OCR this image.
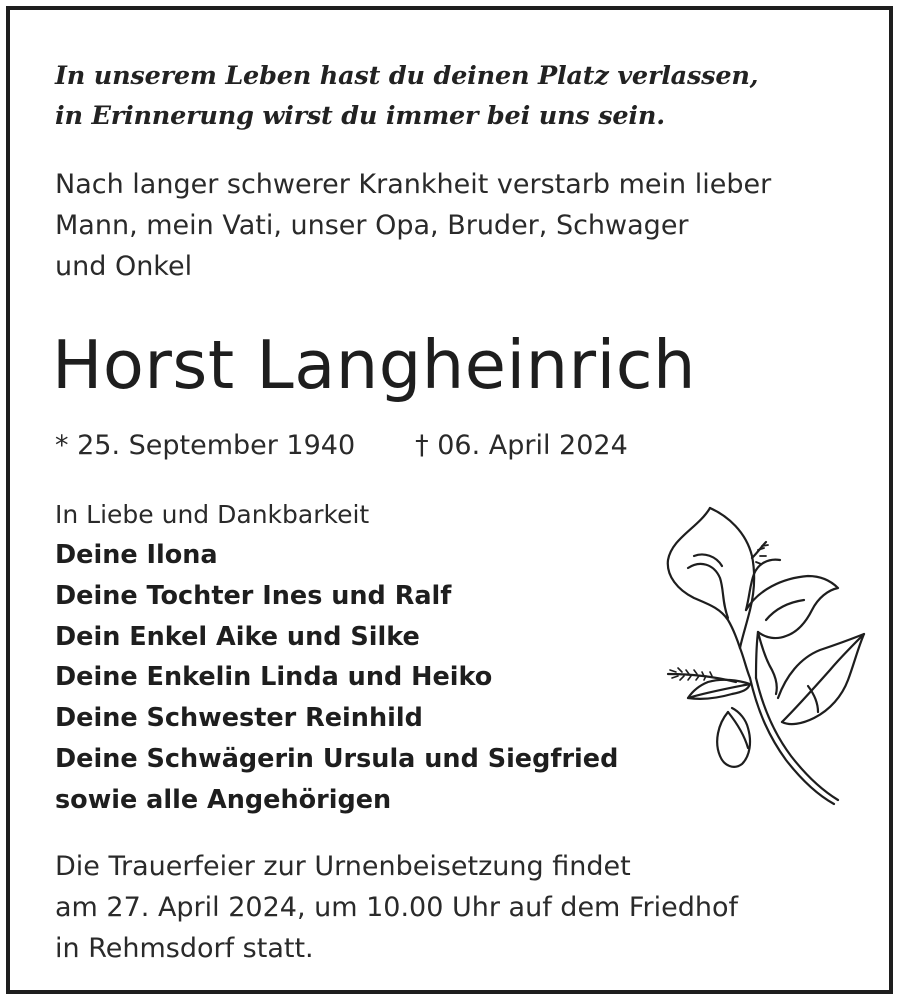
In unserem Leben hast du deinen Platz verlassen,
in Erinnerung wirst du immer bei uns sein.
Nach langer schwerer Krankheit verstarb mein lieber
Mann, mein Vati, unser Opa, Bruder, Schwager
und Onkel
Horst Langheinrich
* 25. September 1940 † 06. April 2024
In Liebe und Dankbarkeit
Deine Ilona
Deine Tochter Ines und Ralf
Dein Enkel Aike und Silke
Deine Enkelin Linda und Heiko
Deine Schwester Reinhild
Deine Schwägerin Ursula und Siegfried
sowie alle Angehörigen
Die Trauerfeier zur Urnenbeisetzung findet
am 27. April 2024, um 10.00 Uhr auf dem Friedhof
in Rehmsdorf statt.
